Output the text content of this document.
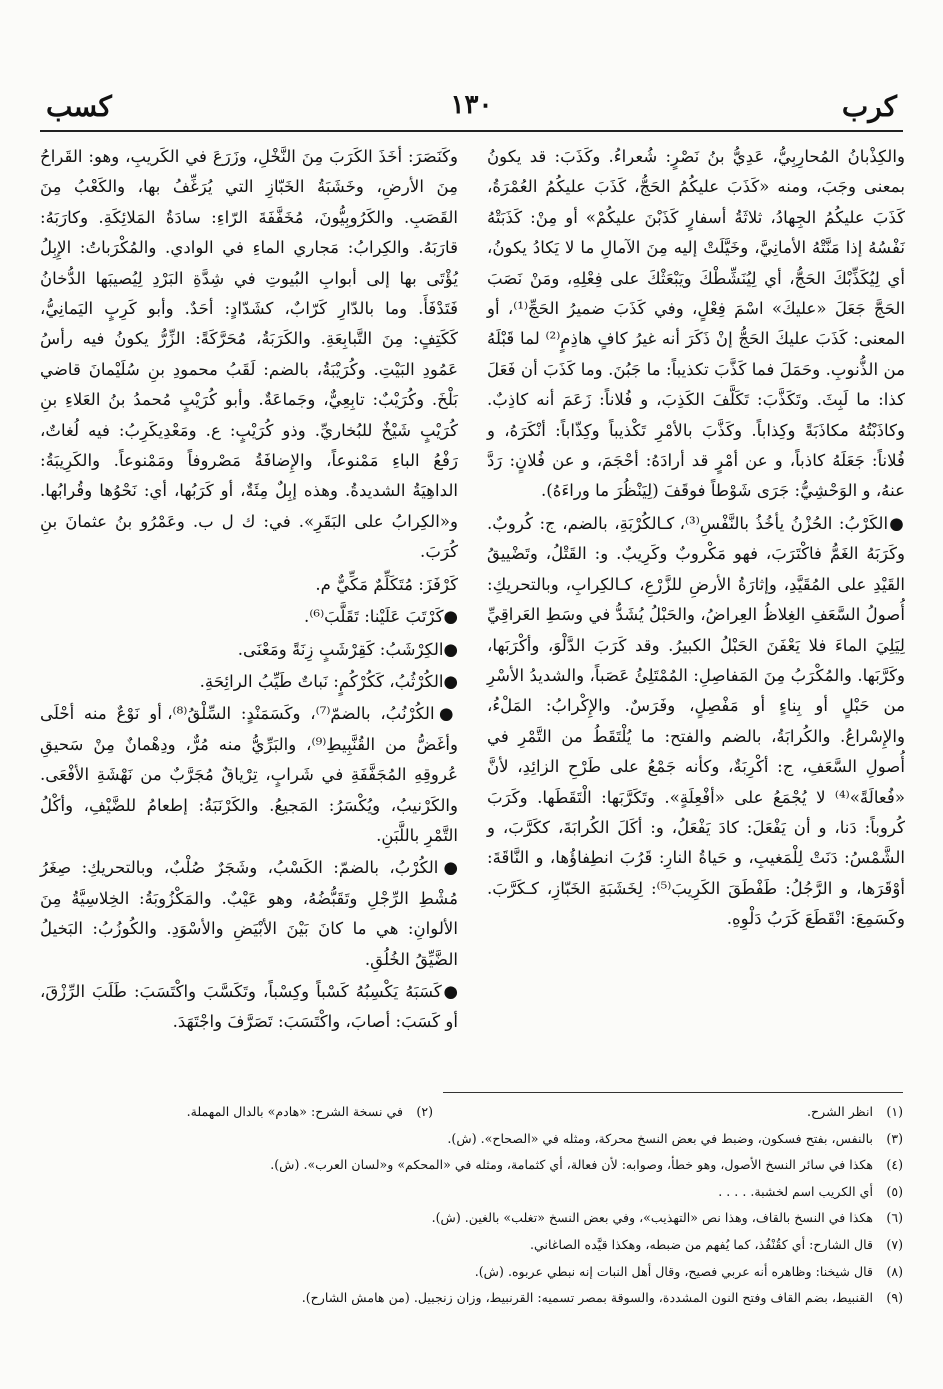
كرب
١٣٠
كسب

والكِذْبانُ المُحارِبِيُّ، عَدِيُّ بنُ نَصْرٍ: شُعراءُ. وكَذَبَ: قد يكونُ بمعنى وجَبَ، ومنه «كَذَبَ عليكُمُ الحَجُّ، كَذَبَ عليكُمُ العُمْرَةُ، كَذَبَ عليكُمُ الجِهادُ، ثلاثَةُ أسفارٍ كَذَبْنَ عليكُمْ» أو مِنْ: كَذَبَتْهُ نَفْسُهُ إذا مَنَّتْهُ الأمانِيَّ، وخَيَّلَتْ إليه مِنَ الآمالِ ما لا يَكادُ يكونُ، أي لِيُكَذِّبْكَ الحَجُّ، أي لِيُنَشِّطْكَ ويَبْعَثْكَ على فِعْلِهِ، ومَنْ نَصَبَ الحَجَّ جَعَلَ «عليكَ» اسْمَ فِعْلٍ، وفي كَذَبَ ضميرُ الحَجِّ⁽¹⁾، أو المعنى: كَذَبَ عليكَ الحَجُّ إنْ ذَكَرَ أنه غيرُ كافٍ هاذِمٍ⁽²⁾ لما قَبْلَهُ من الذُّنوبِ. وحَمَلَ فما كَذَّبَ تكذيباً: ما جَبُنَ. وما كَذَبَ أن فَعَلَ كذا: ما لَبِثَ. وتَكَذَّبَ: تَكَلَّفَ الكَذِبَ، و فُلاناً: زَعَمَ أنه كاذِبٌ. وكاذَبْتُهُ مكاذَبَةً وكِذاباً. وكَذَّبَ بالأمْرِ تَكْذيباً وكِذّاباً: أنْكَرَهُ، و فُلاناً: جَعَلَهُ كاذباً، و عن أمْرٍ قد أرادَهُ: أحْجَمَ، و عن فُلانٍ: رَدَّ عنهُ، و الوَحْشِيُّ: جَرَى شَوْطاً فوقَفَ (لِيَنْظُرَ ما وراءَهُ).

●الكَرْبُ: الحُزْنُ يأخُذُ بالنَّفْسِ⁽³⁾، كـالكُرْبَةِ، بالضم، ج: كُروبٌ. وكَرَبَهُ الغَمُّ فاكْتَرَبَ، فهو مَكْروبٌ وكَرِيبٌ. و: القَتْلُ، وتَضْييقُ القَيْدِ على المُقَيَّدِ، وإثارَةُ الأرضِ للزَّرْعِ، كـالكِرابِ، وبالتحريكِ: أُصولُ السَّعَفِ الغِلاظُ العِراضُ، والحَبْلُ يُشَدُّ في وسَطِ العَراقِيِّ لِيَلِيَ الماءَ فلا يَعْفَنَ الحَبْلُ الكبيرُ. وقد كَرَبَ الدَّلْوَ، وأكْرَبَها، وكَرَّبَها. والمُكْرَبُ مِنَ المَفاصِلِ: المُمْتَلِئُ عَصَباً، والشديدُ الأسْرِ من حَبْلٍ أو بِناءٍ أو مَفْصِلٍ، وفَرَسٌ. والإِكْرابُ: المَلْءُ، والإِسْراعُ. والكُرابَةُ، بالضم والفتح: ما يُلْتَقَطُ من التَّمْرِ في أُصولِ السَّعَفِ، ج: أكْرِبَةٌ، وكأنه جَمْعُ على طَرْحِ الزائِدِ، لأنَّ «فُعالَةً»⁽⁴⁾ لا يُجْمَعُ على «أفْعِلَةٍ». وتَكَرَّبَها: الْتَقَطَها. وكَرَبَ كُروباً: دَنا، و أن يَفْعَلَ: كادَ يَفْعَلُ، و: أكَلَ الكُرابَةَ، ككَرَّبَ، و الشَّمْسُ: دَنَتْ لِلْمَغيبِ، و حَياةُ النارِ: قَرُبَ انطِفاؤُها، و النَّاقَةَ: أوْقَرَها، و الرَّجُلُ: طَفْطَقَ الكَرِيبَ⁽⁵⁾: لِخَشَبَةِ الخَبّازِ، كـكَرَّبَ. وكَسَمِعَ: انْقَطَعَ كَرَبُ دَلْوِهِ.

وكَنَصَرَ: أخَذَ الكَرَبَ مِنَ النَّخْلِ، وزَرَعَ في الكَريبِ، وهو: القَراحُ مِنَ الأرضِ، وخَشَبَةُ الخَبّازِ التي يُرَغِّفُ بها، والكَعْبُ مِنَ القَصَبِ. والكَرُوبِيُّونَ، مُخَفَّفَةَ الرّاءِ: سادَةُ المَلائِكَةِ. وكارَبَهُ: قارَبَهُ. والكِرابُ: مَجاري الماءِ في الوادي. والمُكْرَباتُ: الإِبِلُ يُؤْتَى بها إلى أبوابِ البُيوتِ في شِدَّةِ البَرْدِ لِيُصيبَها الدُّخانُ فَتَدْفَأَ. وما بالدّارِ كَرّابٌ، كشَدّادٍ: أحَدٌ. وأبو كَرِبٍ اليَمانِيُّ، كَكَتِفٍ: مِنَ التَّبابِعَةِ. والكَرَبَةُ، مُحَرَّكَةً: الزِّرُّ يكونُ فيه رأسُ عَمُودِ البَيْتِ. وكُرَيْبَةُ، بالضم: لَقَبُ محمودِ بنِ سُلَيْمانَ قاضي بَلْخَ. وكُرَيْبٌ: تابِعِيٌّ، وجَماعَةٌ. وأبو كُرَيْبٍ مُحمدُ بنُ العَلاءِ بنِ كُرَيْبٍ شَيْخٌ للبُخاريِّ. وذو كُرَيْبٍ: ع. ومَعْدِيكَرِبُ: فيه لُغاتٌ، رَفْعُ الباءِ مَمْنوعاً، والإِضافَةُ مَصْروفاً ومَمْنوعاً. والكَرِيبَةُ: الداهِيَةُ الشديدةُ. وهذه إبِلٌ مِئَةٌ، أو كَرَبُها، أي: نَحْوُها وقُرابُها. و«الكِرابُ على البَقَرِ». في: ك ل ب. وعَمْرُو بنُ عثمانَ بنِ كُرَبَ.

كَرْفَزَ: مُتَكَلِّمٌ مَكِّيٌّ م.

●كَرْتَبَ عَلَيْنا: تَقَلَّبَ⁽⁶⁾.

●الكِرْشَبُ: كَقِرْشَبٍ زِنَةً ومَعْنَى.

●الكُرْثُبُ، كَكُرْكُمٍ: نَباتٌ طَيِّبُ الرائِحَةِ.

●الكُرْنُبُ، بالضمّ⁽⁷⁾، وكَسَمَنْدٍ: السِّلْقُ⁽⁸⁾، أو نَوْعٌ منه أحْلَى وأغَضُّ من القُنَّبِيطِ⁽⁹⁾، والبَرِّيُّ منه مُرٌّ، ودِهْمانٌ مِنْ سَحيقِ عُروقِهِ المُجَفَّفَةِ في شَرابٍ، تِرْياقٌ مُجَرَّبٌ من نَهْشَةِ الأفْعَى. والكَرْنيبُ، ويُكْسَرُ: المَجيعُ. والكَرْنَبَةُ: إطعامُ للضَّيْفِ، وأكْلُ التَّمْرِ باللَّبَنِ.

●الكُرْبُ، بالضمّ: الكَسْبُ، وشَجَرٌ صُلْبٌ، وبالتحريكِ: صِغَرُ مُشْطِ الرِّجْلِ وتَقَبُّضُهُ، وهو عَيْبٌ. والمَكْزُوبَةُ: الخِلاسِيَّةُ مِنَ الألوانِ: هي ما كانَ بَيْنَ الأبْيَضِ والأسْوَدِ. والكُوزُبُ: البَخيلُ الضَّيِّقُ الخُلُقِ.

●كَسَبَهُ يَكْسِبُهُ كَسْباً وكِسْباً، وتَكَسَّبَ واكْتَسَبَ: طَلَبَ الرِّزْقَ، أو كَسَبَ: أصابَ، واكْتَسَبَ: تَصَرَّفَ واجْتَهَدَ.

(١)انظر الشرح.
(٢)في نسخة الشرح: «هادم» بالدال المهملة.
(٣)بالنفس، بفتح فسكون، وضبط في بعض النسخ محركة، ومثله في «الصحاح». (ش).
(٤)هكذا في سائر النسخ الأصول، وهو خطأ، وصوابه: لأن فعالة، أي كثمامة، ومثله في «المحكم» و«لسان العرب». (ش).
(٥)أي الكريب اسم لخشبة. . . . .
(٦)هكذا في النسخ بالقاف، وهذا نص «التهذيب»، وفي بعض النسخ «تغلب» بالغين. (ش).
(٧)قال الشارح: أي كقُنْفُذ، كما يُفهم من ضبطه، وهكذا قيَّده الصاغاني.
(٨)قال شيخنا: وظاهره أنه عربي فصيح، وقال أهل النبات إنه نبطي عربوه. (ش).
(٩)القنبيط، بضم القاف وفتح النون المشددة، والسوقة بمصر تسميه: القرنبيط، وزان زنجبيل. (من هامش الشارح).
